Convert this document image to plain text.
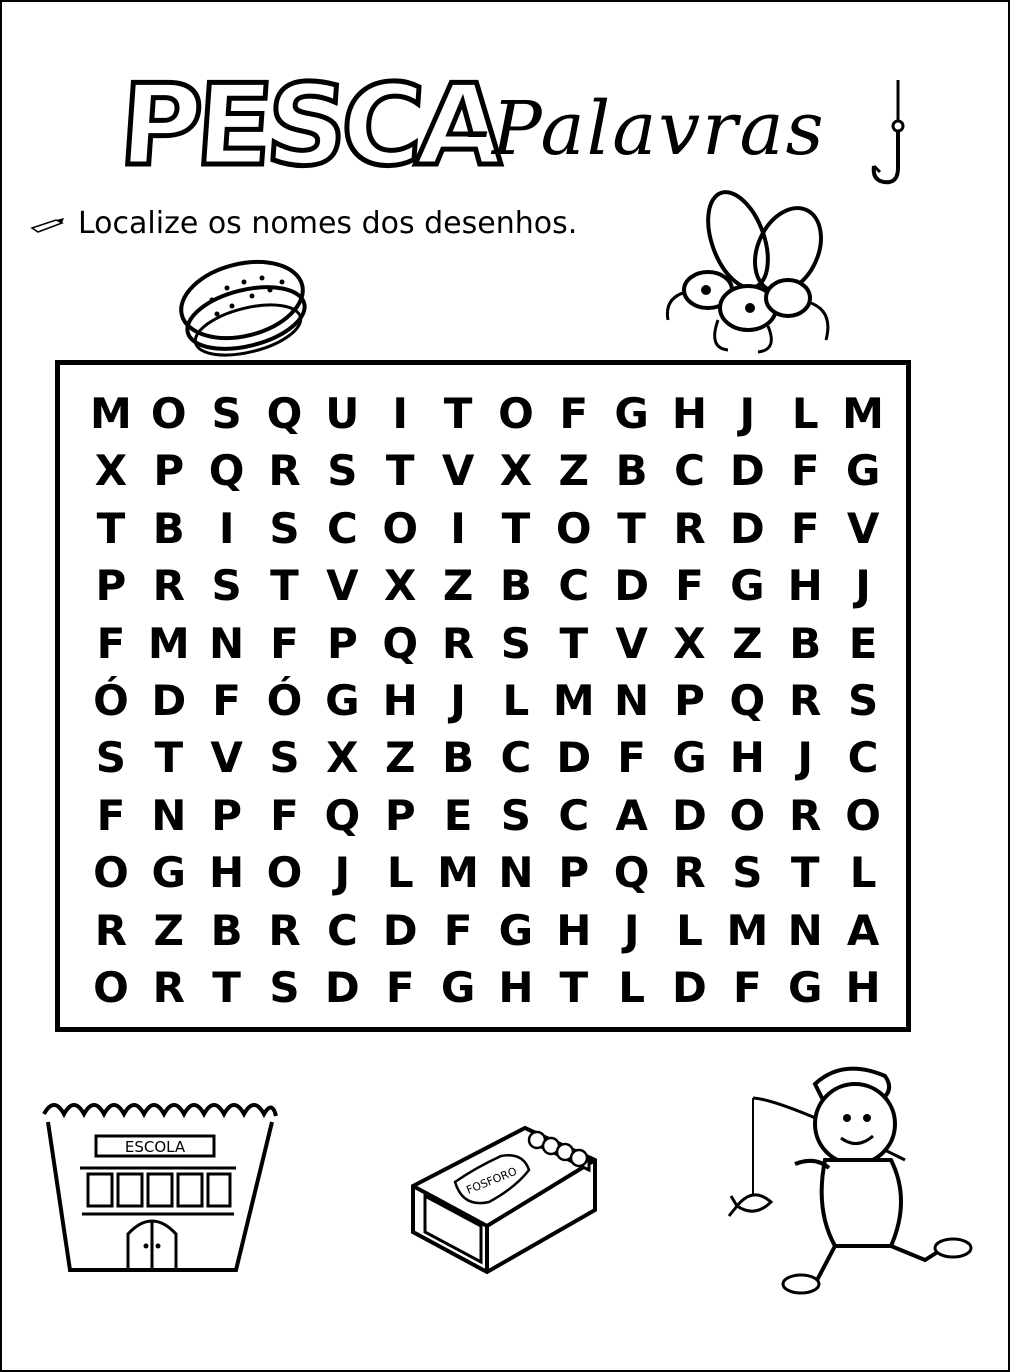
PESCA
-Palavras
Localize os nomes dos desenhos.
M O S Q U I T O F G H J L M
X P Q R S T V X Z B C D F G
T B I S C O I T O T R D F V
P R S T V X Z B C D F G H J
F M N F P Q R S T V X Z B E
Ó D F Ó G H J L M N P Q R S
S T V S X Z B C D F G H J C
F N P F Q P E S C A D O R O
O G H O J L M N P Q R S T L
R Z B R C D F G H J L M N A
O R T S D F G H T L D F G H
ESCOLA
FOSFORO
